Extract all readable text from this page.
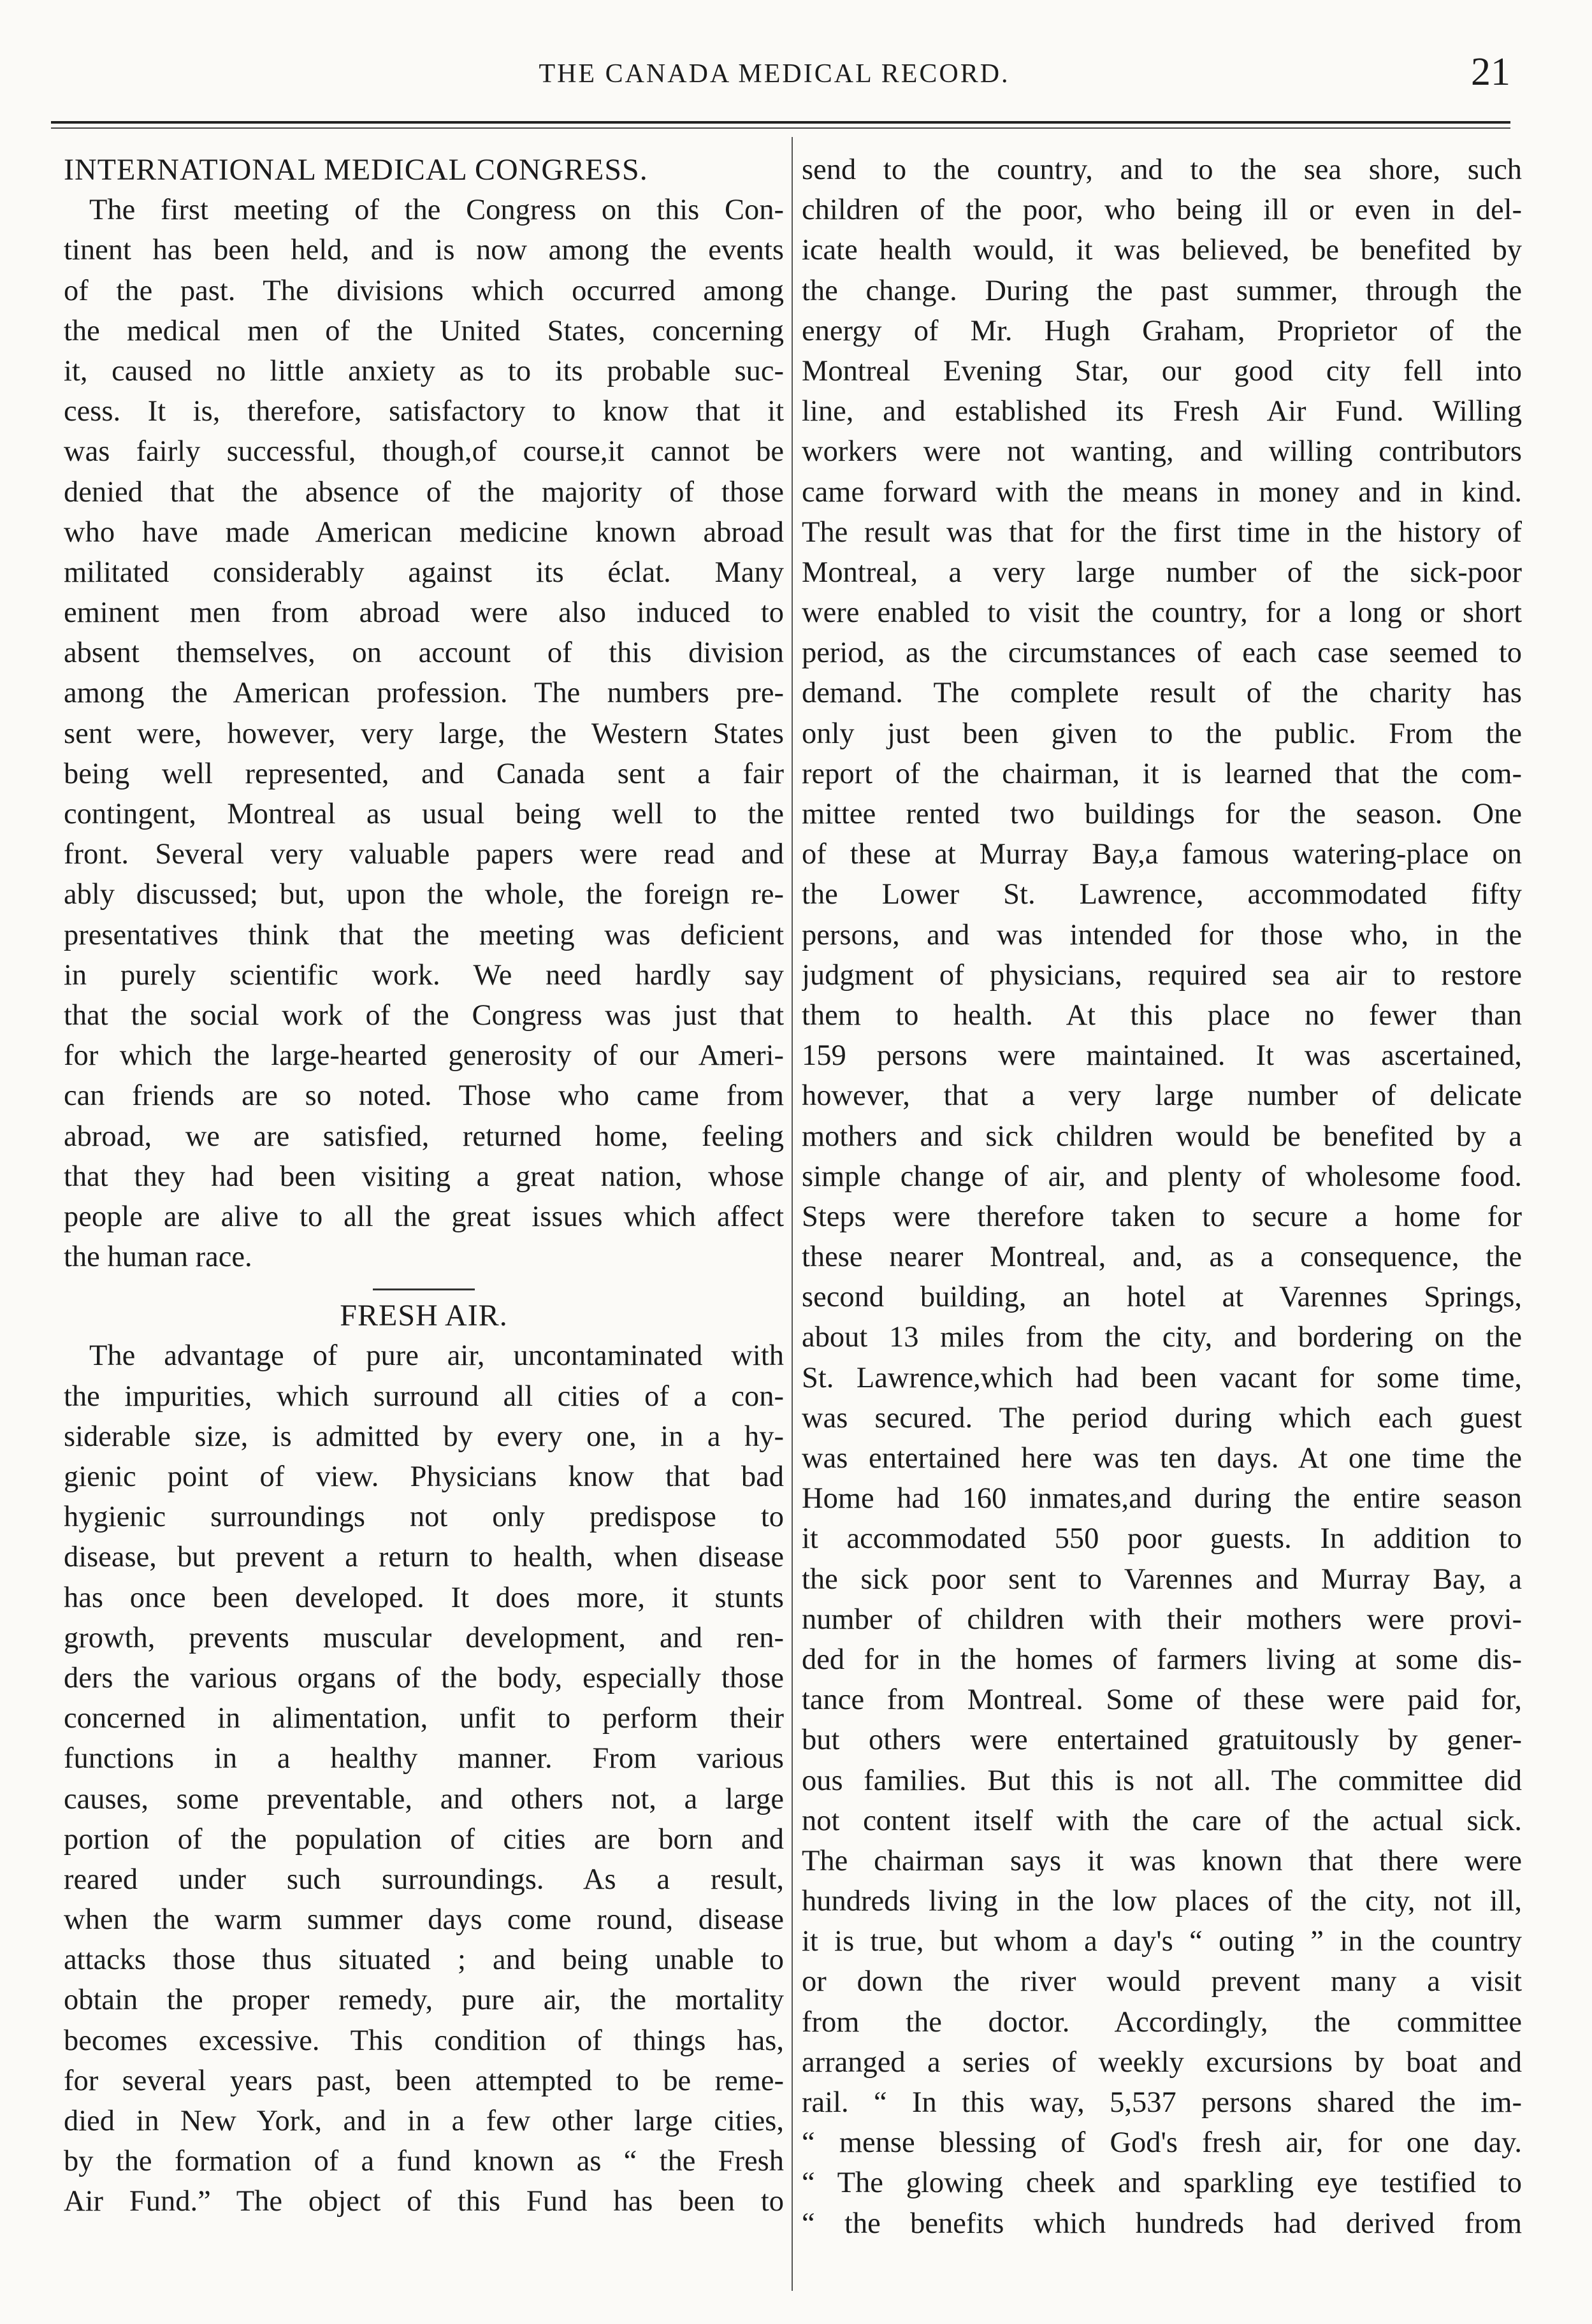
THE CANADA MEDICAL RECORD.	21
INTERNATIONAL MEDICAL CONGRESS.
The first meeting of the Congress on this Con-
tinent has been held, and is now among the events
of the past. The divisions which occurred among
the medical men of the United States, concerning
it, caused no little anxiety as to its probable suc-
cess. It is, therefore, satisfactory to know that it
was fairly successful, though,of course,it cannot be
denied that the absence of the majority of those
who have made American medicine known abroad
militated considerably against its éclat. Many
eminent men from abroad were also induced to
absent themselves, on account of this division
among the American profession. The numbers pre-
sent were, however, very large, the Western States
being well represented, and Canada sent a fair
contingent, Montreal as usual being well to the
front. Several very valuable papers were read and
ably discussed; but, upon the whole, the foreign re-
presentatives think that the meeting was deficient
in purely scientific work. We need hardly say
that the social work of the Congress was just that
for which the large-hearted generosity of our Ameri-
can friends are so noted. Those who came from
abroad, we are satisfied, returned home, feeling
that they had been visiting a great nation, whose
people are alive to all the great issues which affect
the human race.
FRESH AIR.
The advantage of pure air, uncontaminated with
the impurities, which surround all cities of a con-
siderable size, is admitted by every one, in a hy-
gienic point of view. Physicians know that bad
hygienic surroundings not only predispose to
disease, but prevent a return to health, when disease
has once been developed. It does more, it stunts
growth, prevents muscular development, and ren-
ders the various organs of the body, especially those
concerned in alimentation, unfit to perform their
functions in a healthy manner. From various
causes, some preventable, and others not, a large
portion of the population of cities are born and
reared under such surroundings. As a result,
when the warm summer days come round, disease
attacks those thus situated ; and being unable to
obtain the proper remedy, pure air, the mortality
becomes excessive. This condition of things has,
for several years past, been attempted to be reme-
died in New York, and in a few other large cities,
by the formation of a fund known as “ the Fresh
Air Fund.” The object of this Fund has been to
send to the country, and to the sea shore, such
children of the poor, who being ill or even in del-
icate health would, it was believed, be benefited by
the change. During the past summer, through the
energy of Mr. Hugh Graham, Proprietor of the
Montreal Evening Star, our good city fell into
line, and established its Fresh Air Fund. Willing
workers were not wanting, and willing contributors
came forward with the means in money and in kind.
The result was that for the first time in the history of
Montreal, a very large number of the sick-poor
were enabled to visit the country, for a long or short
period, as the circumstances of each case seemed to
demand. The complete result of the charity has
only just been given to the public. From the
report of the chairman, it is learned that the com-
mittee rented two buildings for the season. One
of these at Murray Bay,a famous watering-place on
the Lower St. Lawrence, accommodated fifty
persons, and was intended for those who, in the
judgment of physicians, required sea air to restore
them to health. At this place no fewer than
159 persons were maintained. It was ascertained,
however, that a very large number of delicate
mothers and sick children would be benefited by a
simple change of air, and plenty of wholesome food.
Steps were therefore taken to secure a home for
these nearer Montreal, and, as a consequence, the
second building, an hotel at Varennes Springs,
about 13 miles from the city, and bordering on the
St. Lawrence,which had been vacant for some time,
was secured. The period during which each guest
was entertained here was ten days. At one time the
Home had 160 inmates,and during the entire season
it accommodated 550 poor guests. In addition to
the sick poor sent to Varennes and Murray Bay, a
number of children with their mothers were provi-
ded for in the homes of farmers living at some dis-
tance from Montreal. Some of these were paid for,
but others were entertained gratuitously by gener-
ous families. But this is not all. The committee did
not content itself with the care of the actual sick.
The chairman says it was known that there were
hundreds living in the low places of the city, not ill,
it is true, but whom a day's “ outing ” in the country
or down the river would prevent many a visit
from the doctor. Accordingly, the committee
arranged a series of weekly excursions by boat and
rail. “ In this way, 5,537 persons shared the im-
“ mense blessing of God's fresh air, for one day.
“ The glowing cheek and sparkling eye testified to
“ the benefits which hundreds had derived from
